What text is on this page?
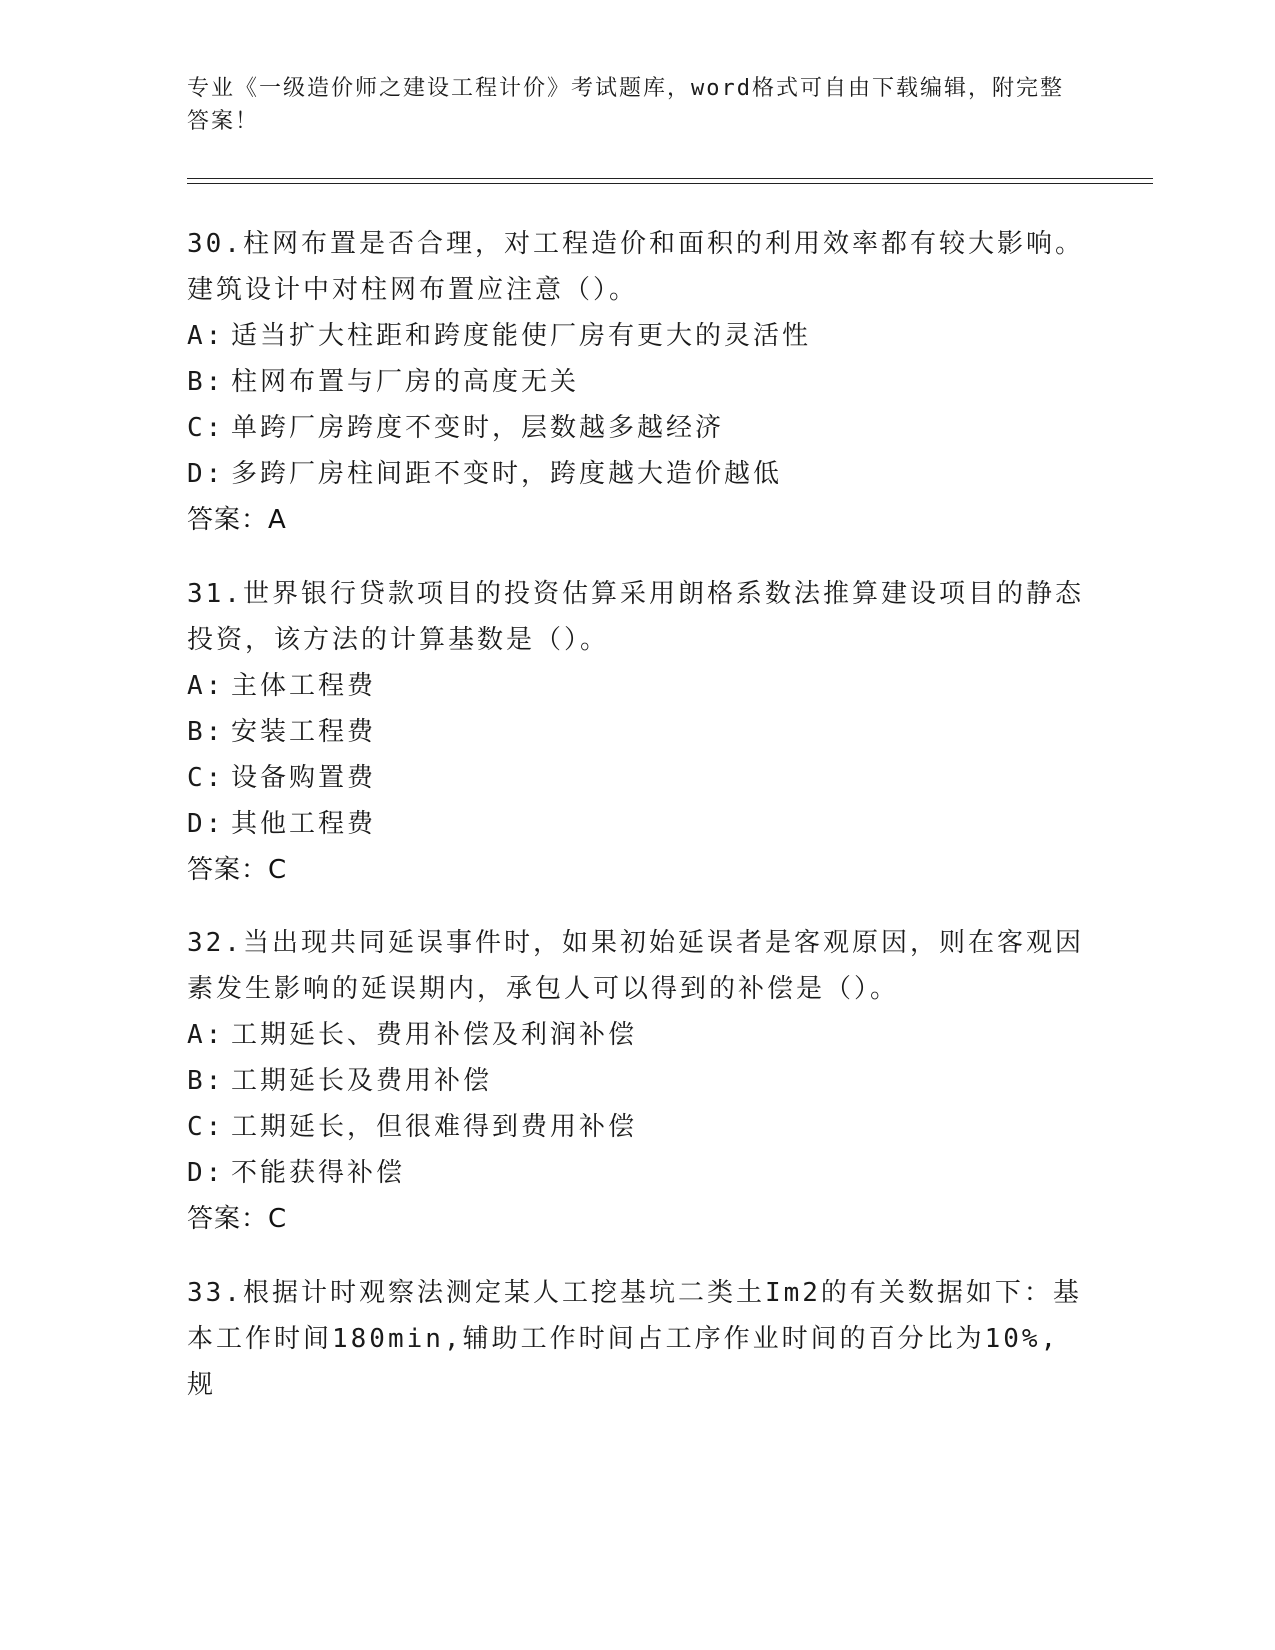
专业《一级造价师之建设工程计价》考试题库，word格式可自由下载编辑，附完整答案！
30.柱网布置是否合理，对工程造价和面积的利用效率都有较大影响。建筑设计中对柱网布置应注意（）。
A: 适当扩大柱距和跨度能使厂房有更大的灵活性
B: 柱网布置与厂房的高度无关
C: 单跨厂房跨度不变时，层数越多越经济
D: 多跨厂房柱间距不变时，跨度越大造价越低
答案：A
31.世界银行贷款项目的投资估算采用朗格系数法推算建设项目的静态投资，该方法的计算基数是（）。
A: 主体工程费
B: 安装工程费
C: 设备购置费
D: 其他工程费
答案：C
32.当出现共同延误事件时，如果初始延误者是客观原因，则在客观因素发生影响的延误期内，承包人可以得到的补偿是（）。
A: 工期延长、费用补偿及利润补偿
B: 工期延长及费用补偿
C: 工期延长，但很难得到费用补偿
D: 不能获得补偿
答案：C
33.根据计时观察法测定某人工挖基坑二类土Im2的有关数据如下：基本工作时间180min,辅助工作时间占工序作业时间的百分比为10%,规
